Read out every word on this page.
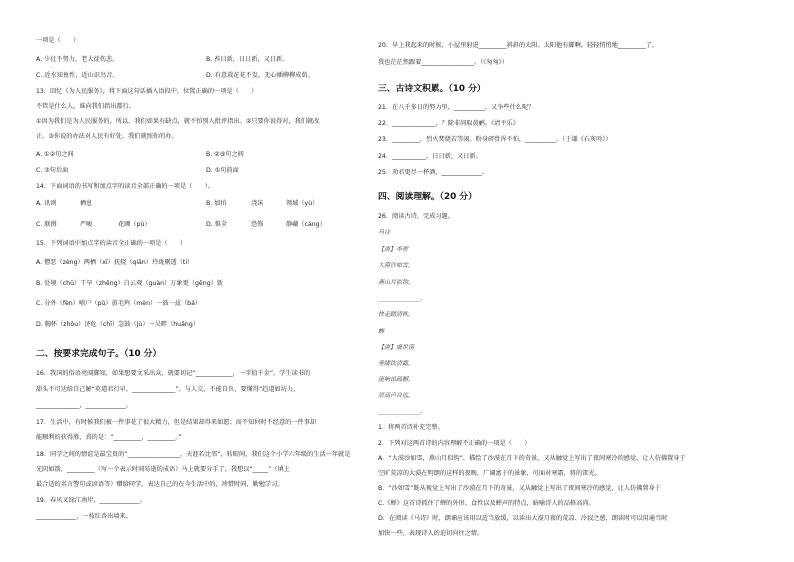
一项是（　　）
A. 少壮不努力，老大徒伤悲。	B. 苔目新，日日新，又日新。
C. 近水知鱼性，近山识鸟音。	D. 有意栽花花不发，无心插柳柳成荫。
13．回忆《为人民服务》，将下面这句话插入语段中，位置正确的一项是（　　）
不管是什么人，谁向我们指出都行。
①因为我们是为人民服务的，所以，我们如果有缺点，就不怕别人批评指出。②只要你说得对，我们就改
正。③你说的办法对人民有好处，我们就照你的办。
A. ①②句之间	B. ②③句之间
C. ③句后面	D. ①句前面
14．下面词语的书写和加点字的读音全部正确的一项是（　　）。
A. 讯则	栖息	B. 加拍	浇沫	领域（yù）
C. 联揖	严峻	花圃（pù）	D. 惧全	恐怖	静藏（cáng）
15．下列词语中加点字的读音全正确的一项是（　　）
A. 憎恶（zèng）两栖（xī）抚挠（qiān）玲珑剔透（ti）
B. 处境（chǔ）干旱（zhēng）白云观（guàn）万象更（gēng）新
C. 分外（fèn）哺户（pǔ）黄毛鸡（mèn）一鼓一兹（bá）
D. 胸怀（zhōu）济危（chī）急鼓（jù）一吴畔（huǎng）
二、按要求完成句子。（10 分）
16．我国的俗语亮闻脚知，如果想要文采出众，就要切记“____________，一字值千金”。学生读书的
甜头不可达给自己解“莫道君行早，______________”。与人交，不能自负，要懂得“趋道如坊力，
______________，_____________。
17．生活中，有时候我们被一件事花了很大精力，但是结果却得来如愿；而不知何时不经意的一件事却
能顺利的获得胜，真的是：“_________，_________。”
18．同学之间的情谊是最宝贵的“_________________，天涯若比邻”，转眼间，我们这个小学六年级的生活一年就是
光阴如箭，_________（写一个表示时间易逝的成语）马上就要分手了，我想以“_____”（填上
最合适的名言警句或谚语等）赠给同学，表达自己的在今生活中的，珍惜时间，勤勉学习。
19．春风又绿江南岸，_____________。
_____________，一枝红杏出墙来。
20．早上我起来的时候，小屋里射进_________斜斜的太阳。太阳他有脚啊，轻轻悄悄地_________了，
我也茫茫然跟着_________________。（《匆匆》）
三、古诗文积累。（10 分）
21．在八千多日的努力里，__________，又争些什么呢？
22．______________，？除非问取黄鹂。《清平乐》
23．_________，烈火焚烧若等闲。粉身碎骨浑不怕，__________。（于谦《石灰吟》）
24．___________，日日新，又日新。
25．劝君更尽一杯酒，_____________。
四、阅读理解。（20 分）
26．阅读古诗，完成习题。
马诗
【唐】李贺
大漠沙如雪，
燕山月似钩。
______________。
快走踏清秋。
蝉
【唐】虞世南
垂緌饮清露，
流响出疏桐。
居高声自远，
______________。
1．将两首诗补充完整。
2．下列对这两首诗的内容理解不正确的一项是（　　）
A．“大漠沙如雪，燕山月似钩”，描绘了沙漠在月下的奇景，又从触觉上写出了夜间寒冷的感觉，让人仿佛置身于
空旷荒凉的大漠在明朗的这样的夜晚，广阔富于的景象，可面对寒霜，将的雷光。
B．“沙如雪”既从视觉上写出了沙漠在月下的奇景，又从触觉上写出了夜间寒冷的感觉，让人仿佛置身于
C.《蝉》这首诗抓住了蝉的外形、食性以及蝉声的特点，暗喻诗人的品格高尚。
D．在阅读《马诗》时，朗诵应该用以适当放缓，以读出大漠月夜的荒凉、冷寂之感，朗读时可以用通当时
加快一些，表现诗人的迫切向往之情。
